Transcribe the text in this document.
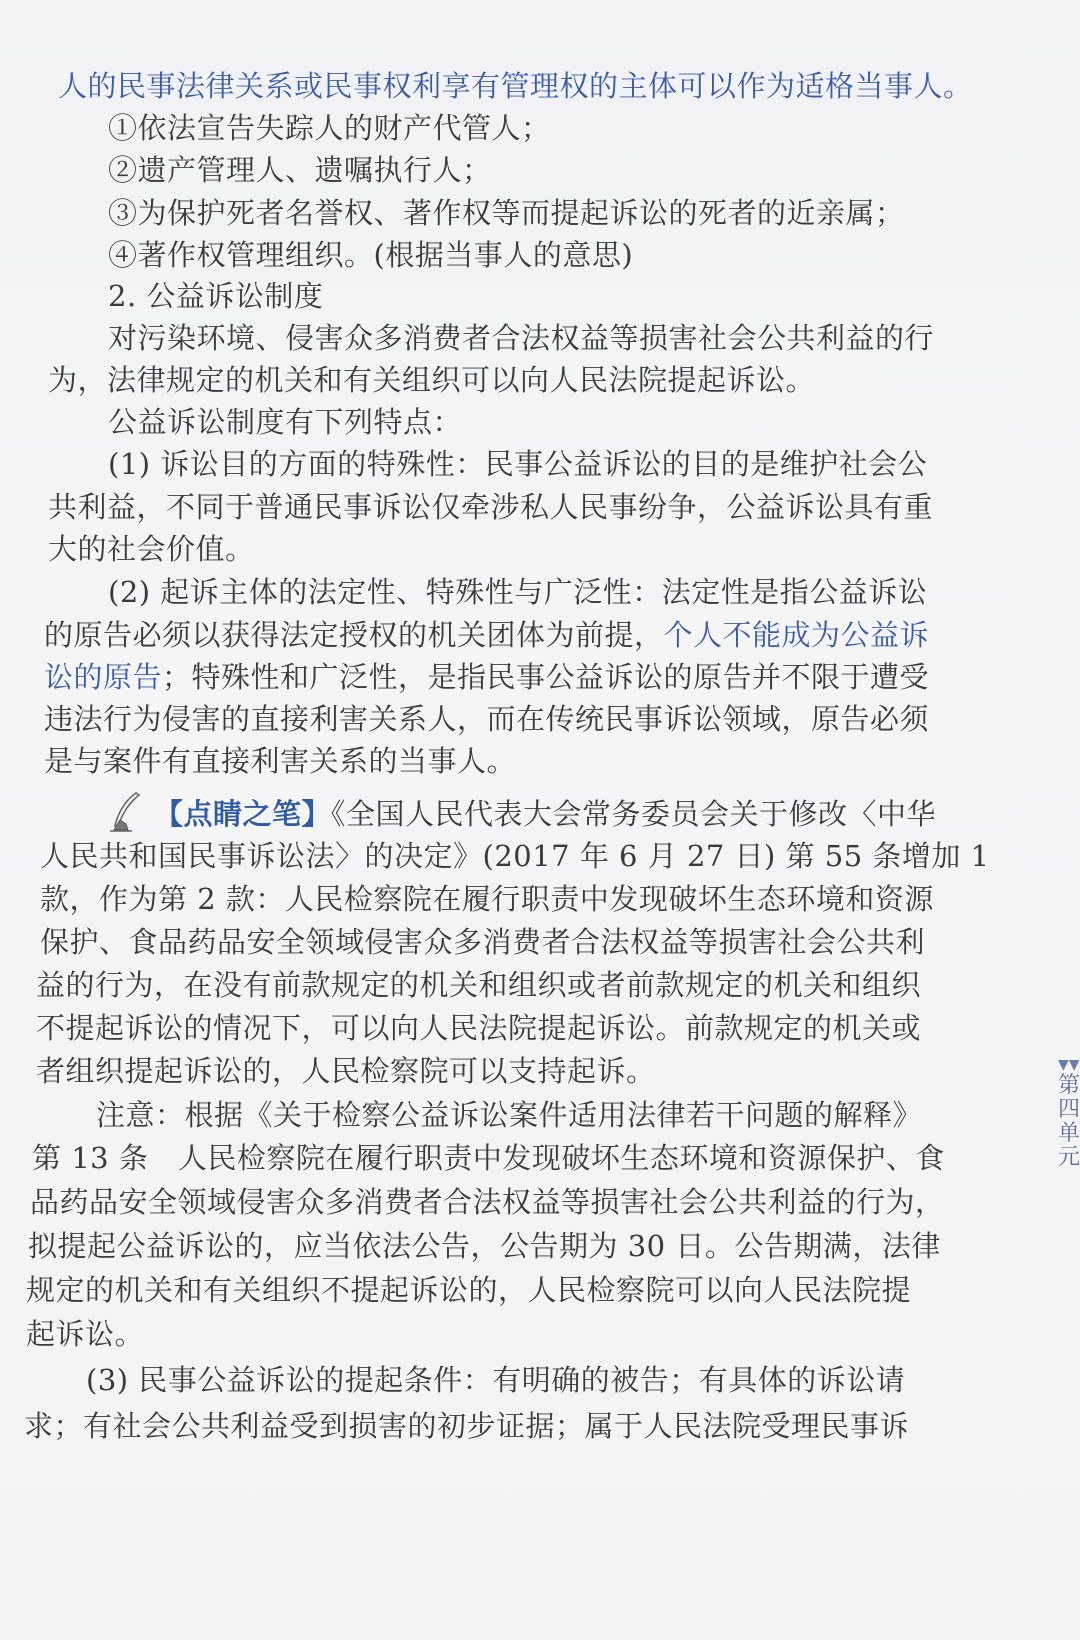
人的民事法律关系或民事权利享有管理权的主体可以作为适格当事人。
①依法宣告失踪人的财产代管人；
②遗产管理人、遗嘱执行人；
③为保护死者名誉权、著作权等而提起诉讼的死者的近亲属；
④著作权管理组织。(根据当事人的意思)
2. 公益诉讼制度
对污染环境、侵害众多消费者合法权益等损害社会公共利益的行
为，法律规定的机关和有关组织可以向人民法院提起诉讼。
公益诉讼制度有下列特点：
(1) 诉讼目的方面的特殊性：民事公益诉讼的目的是维护社会公
共利益，不同于普通民事诉讼仅牵涉私人民事纷争，公益诉讼具有重
大的社会价值。
(2) 起诉主体的法定性、特殊性与广泛性：法定性是指公益诉讼
的原告必须以获得法定授权的机关团体为前提，个人不能成为公益诉
讼的原告；特殊性和广泛性，是指民事公益诉讼的原告并不限于遭受
违法行为侵害的直接利害关系人，而在传统民事诉讼领域，原告必须
是与案件有直接利害关系的当事人。
【点睛之笔】《全国人民代表大会常务委员会关于修改〈中华
人民共和国民事诉讼法〉的决定》(2017 年 6 月 27 日) 第 55 条增加 1
款，作为第 2 款：人民检察院在履行职责中发现破坏生态环境和资源
保护、食品药品安全领域侵害众多消费者合法权益等损害社会公共利
益的行为，在没有前款规定的机关和组织或者前款规定的机关和组织
不提起诉讼的情况下，可以向人民法院提起诉讼。前款规定的机关或
者组织提起诉讼的，人民检察院可以支持起诉。
注意：根据《关于检察公益诉讼案件适用法律若干问题的解释》
第 13 条　人民检察院在履行职责中发现破坏生态环境和资源保护、食
品药品安全领域侵害众多消费者合法权益等损害社会公共利益的行为，
拟提起公益诉讼的，应当依法公告，公告期为 30 日。公告期满，法律
规定的机关和有关组织不提起诉讼的，人民检察院可以向人民法院提
起诉讼。
(3) 民事公益诉讼的提起条件：有明确的被告；有具体的诉讼请
求；有社会公共利益受到损害的初步证据；属于人民法院受理民事诉
▼▼
第四单元
